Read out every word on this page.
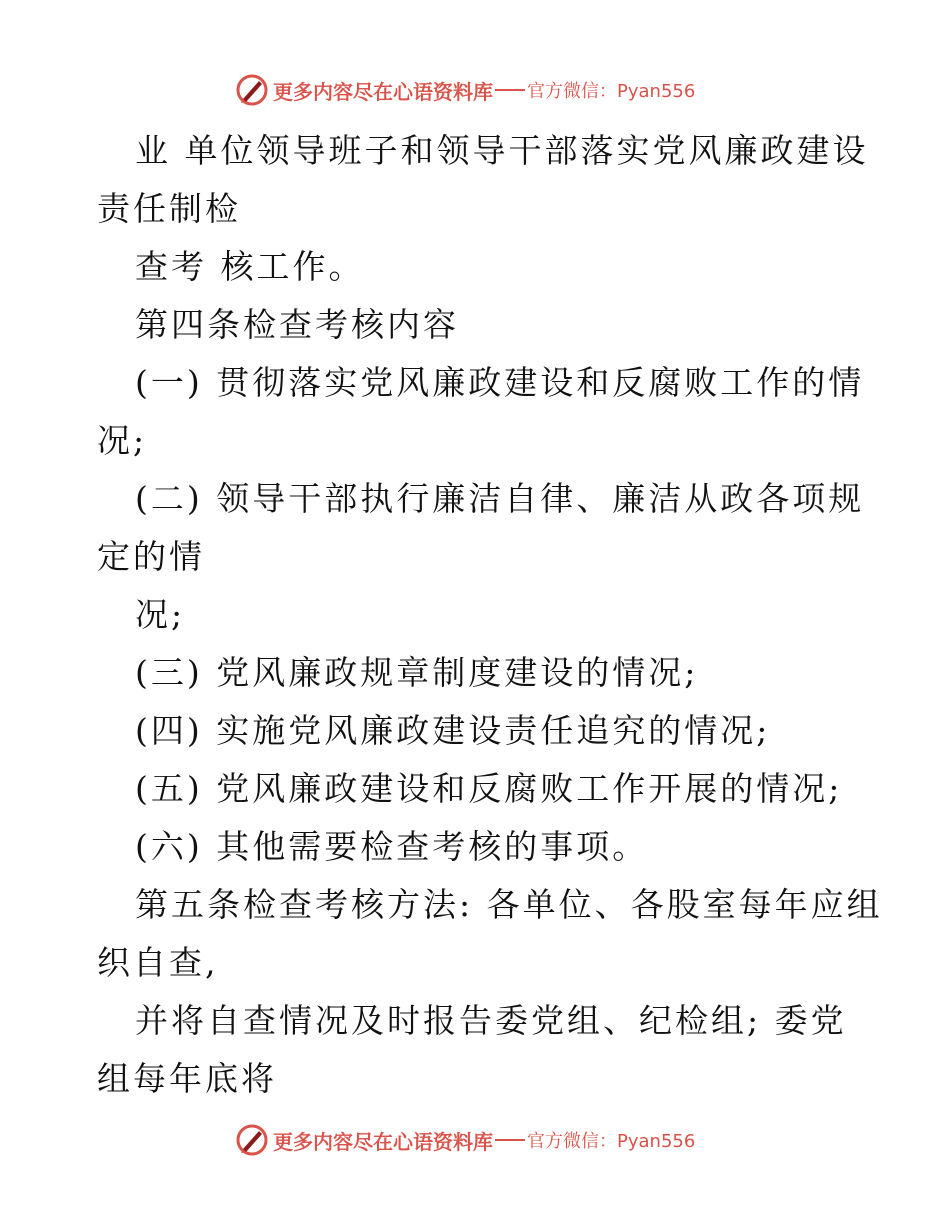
更多内容尽在心语资料库 官方微信：Pyan556
业 单位领导班子和领导干部落实党风廉政建设
责任制检
查考 核工作。
第四条检查考核内容
(一) 贯彻落实党风廉政建设和反腐败工作的情
况;
(二) 领导干部执行廉洁自律、廉洁从政各项规
定的情
况;
(三) 党风廉政规章制度建设的情况;
(四) 实施党风廉政建设责任追究的情况;
(五) 党风廉政建设和反腐败工作开展的情况;
(六) 其他需要检查考核的事项。
第五条检查考核方法: 各单位、各股室每年应组
织自查,
并将自查情况及时报告委党组、纪检组; 委党
组每年底将
更多内容尽在心语资料库 官方微信：Pyan556
